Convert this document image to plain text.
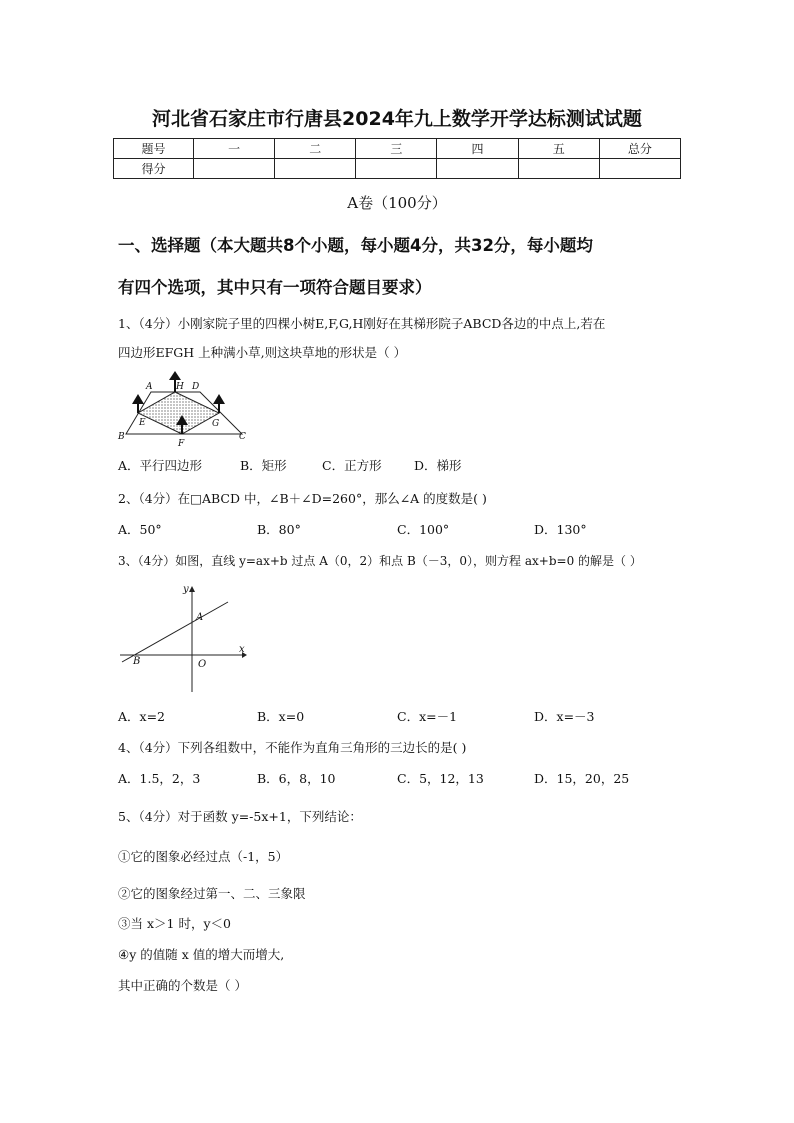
河北省石家庄市行唐县2024年九上数学开学达标测试试题
题号	一	二	三	四	五	总分
得分						
A卷（100分）
一、选择题（本大题共8个小题，每小题4分，共32分，每小题均
有四个选项，其中只有一项符合题目要求）
1、（4分）小刚家院子里的四棵小树E,F,G,H刚好在其梯形院子ABCD各边的中点上,若在
四边形EFGH 上种满小草,则这块草地的形状是（ ）
A	H D
E	G
B
F
C
A．平行四边形	B．矩形	C．正方形	D．梯形
2、（4分）在□ABCD 中，∠B＋∠D=260°，那么∠A 的度数是( )
A．50°	B．80°	C．100°	D．130°
3、（4分）如图，直线 y=ax+b 过点 A（0，2）和点 B（－3，0），则方程 ax+b=0 的解是（ ）
y
A
B	O
x
A．x=2	B．x=0	C．x=－1	D．x=－3
4、（4分）下列各组数中，不能作为直角三角形的三边长的是( )
A．1.5，2，3	B．6，8，10	C．5，12，13	D．15，20，25
5、（4分）对于函数 y=-5x+1，下列结论：
①它的图象必经过点（-1，5）
②它的图象经过第一、二、三象限
③当 x＞1 时，y＜0
④y 的值随 x 值的增大而增大,
其中正确的个数是（ ）
